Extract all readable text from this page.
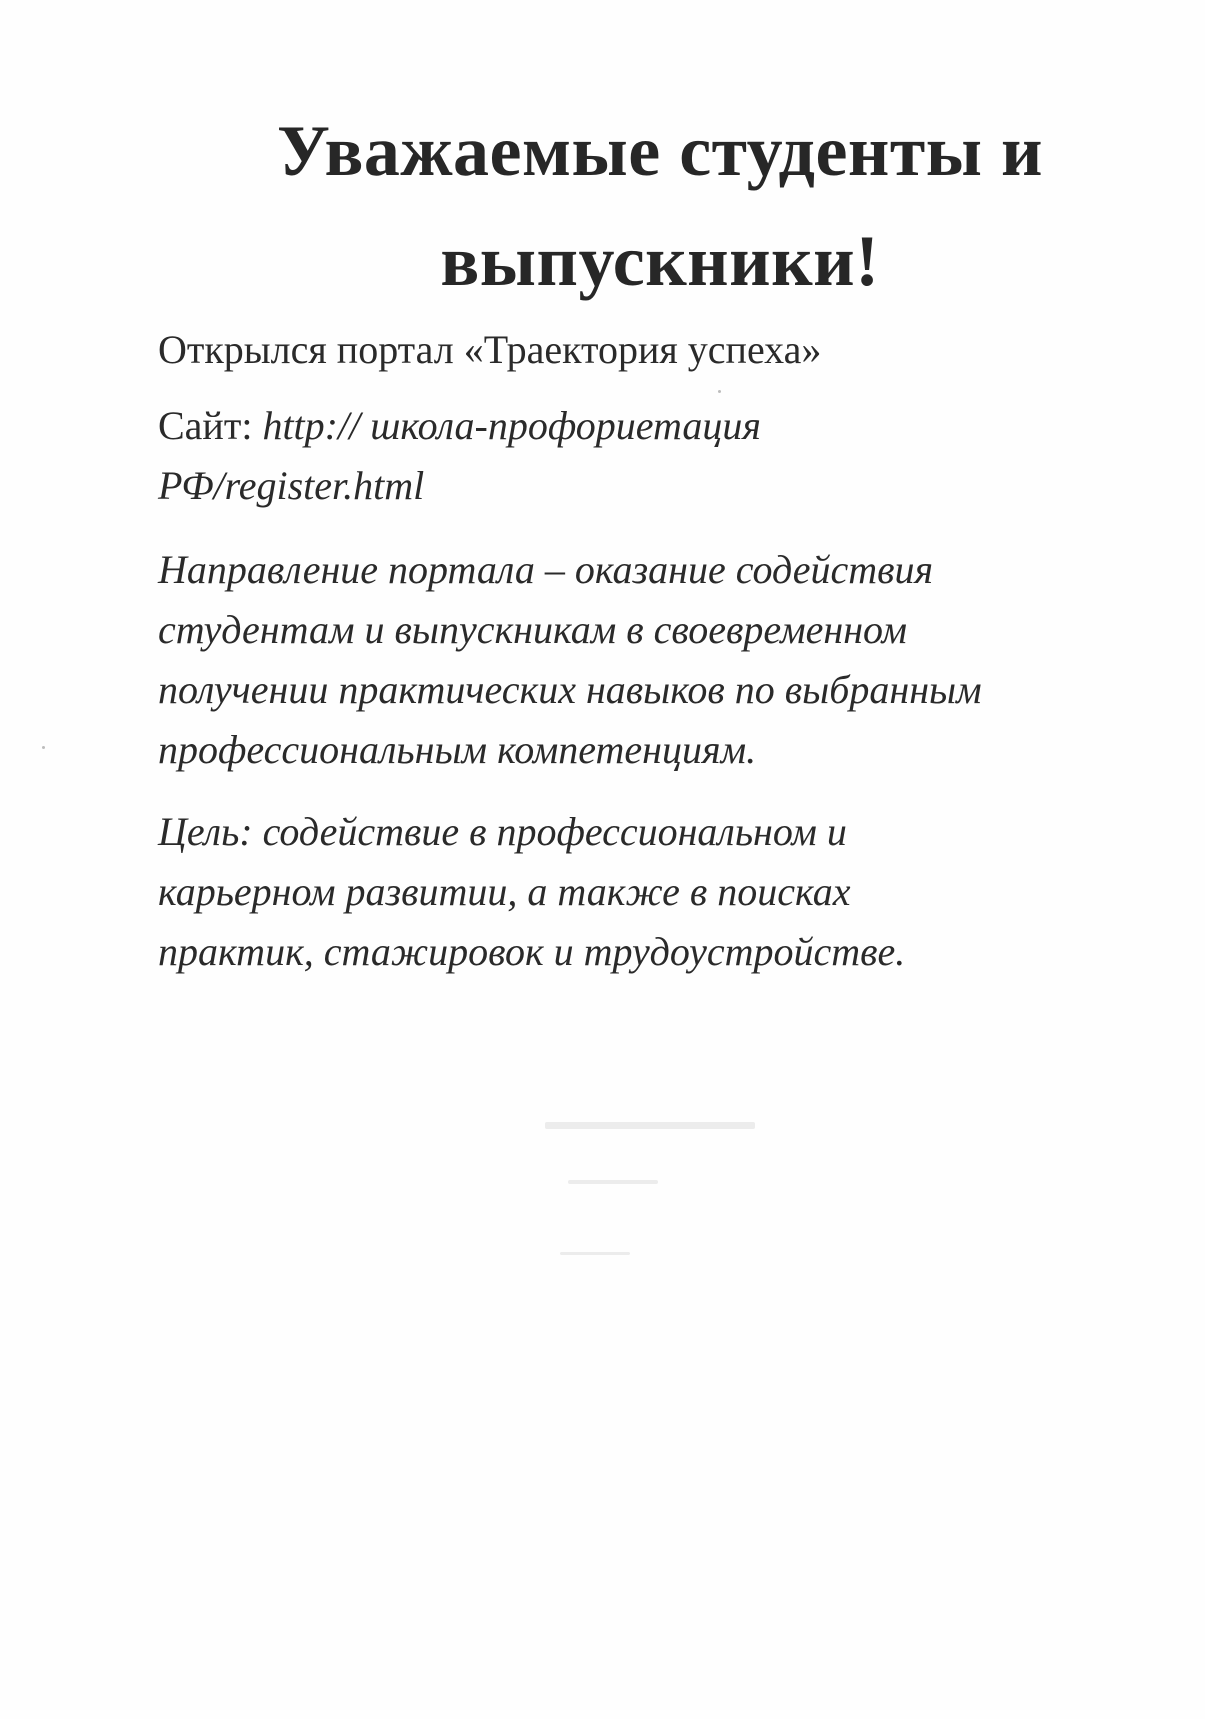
Уважаемые студенты и
выпускники!
Открылся портал «Траектория успеха»
Сайт: http:// школа-профориетация
РФ/register.html
Направление портала – оказание содействия
студентам и выпускникам в своевременном
получении практических навыков по выбранным
профессиональным компетенциям.
Цель: содействие в профессиональном и
карьерном развитии, а также в поисках
практик, стажировок и трудоустройстве.
